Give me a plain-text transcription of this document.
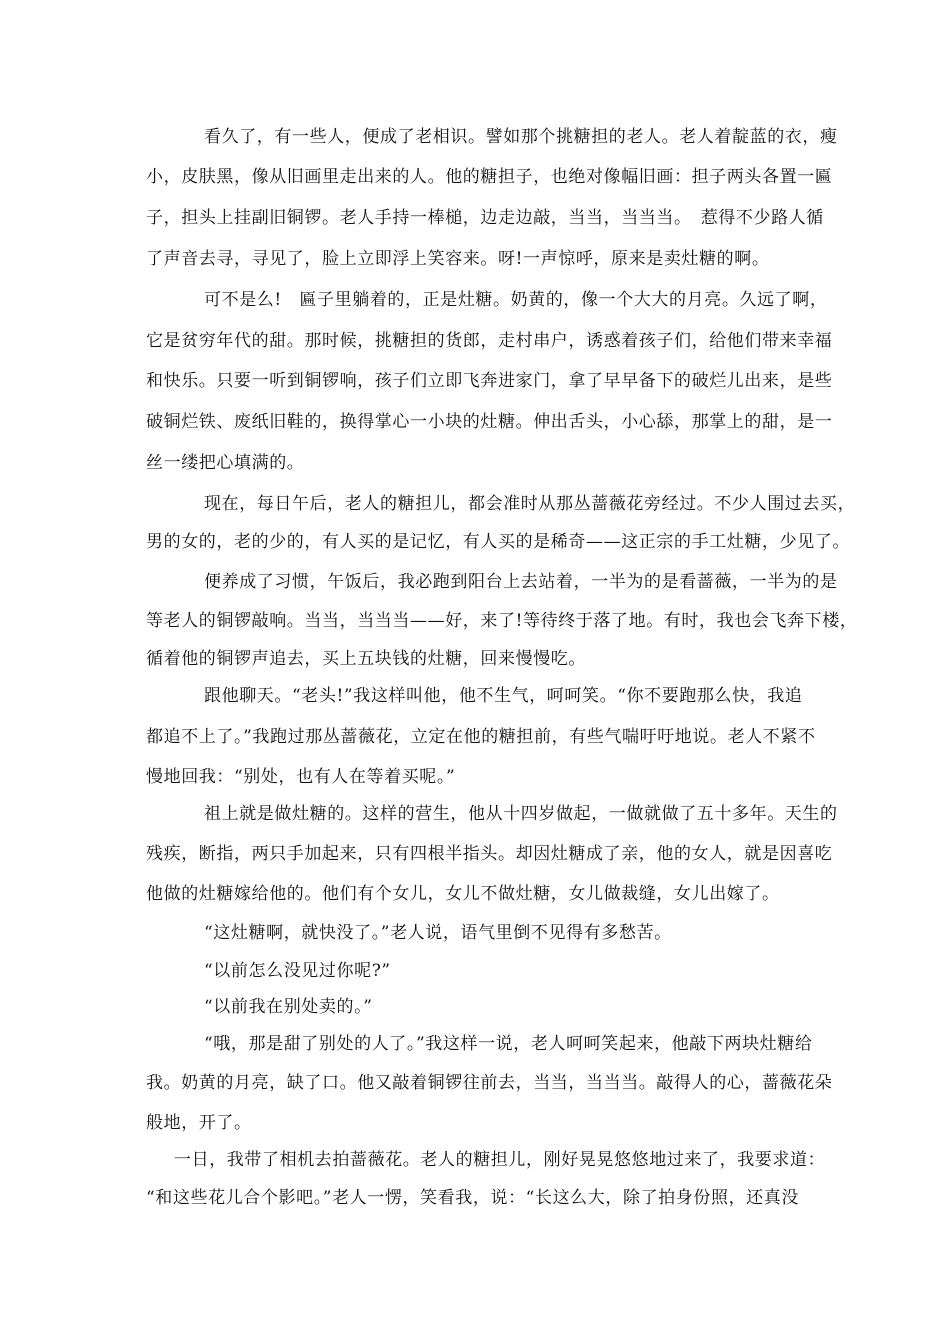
看久了，有一些人，便成了老相识。譬如那个挑糖担的老人。老人着靛蓝的衣，瘦
小，皮肤黑，像从旧画里走出来的人。他的糖担子，也绝对像幅旧画：担子两头各置一匾
子，担头上挂副旧铜锣。老人手持一棒槌，边走边敲，当当，当当当。　惹得不少路人循
了声音去寻，寻见了，脸上立即浮上笑容来。呀!一声惊呼，原来是卖灶糖的啊。
可不是么!　匾子里躺着的，正是灶糖。奶黄的，像一个大大的月亮。久远了啊，
它是贫穷年代的甜。那时候，挑糖担的货郎，走村串户，诱惑着孩子们，给他们带来幸福
和快乐。只要一听到铜锣响，孩子们立即飞奔进家门，拿了早早备下的破烂儿出来，是些
破铜烂铁、废纸旧鞋的，换得掌心一小块的灶糖。伸出舌头，小心舔，那掌上的甜，是一
丝一缕把心填满的。
现在，每日午后，老人的糖担儿，都会准时从那丛蔷薇花旁经过。不少人围过去买，
男的女的，老的少的，有人买的是记忆，有人买的是稀奇——这正宗的手工灶糖，少见了。
便养成了习惯，午饭后，我必跑到阳台上去站着，一半为的是看蔷薇，一半为的是
等老人的铜锣敲响。当当，当当当——好，来了!等待终于落了地。有时，我也会飞奔下楼，
循着他的铜锣声追去，买上五块钱的灶糖，回来慢慢吃。
跟他聊天。“老头!”我这样叫他，他不生气，呵呵笑。“你不要跑那么快，我追
都追不上了。”我跑过那丛蔷薇花，立定在他的糖担前，有些气喘吁吁地说。老人不紧不
慢地回我：“别处，也有人在等着买呢。”
祖上就是做灶糖的。这样的营生，他从十四岁做起，一做就做了五十多年。天生的
残疾，断指，两只手加起来，只有四根半指头。却因灶糖成了亲，他的女人，就是因喜吃
他做的灶糖嫁给他的。他们有个女儿，女儿不做灶糖，女儿做裁缝，女儿出嫁了。
“这灶糖啊，就快没了。”老人说，语气里倒不见得有多愁苦。
“以前怎么没见过你呢?”
“以前我在别处卖的。”
“哦，那是甜了别处的人了。”我这样一说，老人呵呵笑起来，他敲下两块灶糖给
我。奶黄的月亮，缺了口。他又敲着铜锣往前去，当当，当当当。敲得人的心，蔷薇花朵
般地，开了。
一日，我带了相机去拍蔷薇花。老人的糖担儿，刚好晃晃悠悠地过来了，我要求道：
“和这些花儿合个影吧。”老人一愣，笑看我，说：“长这么大，除了拍身份照，还真没
